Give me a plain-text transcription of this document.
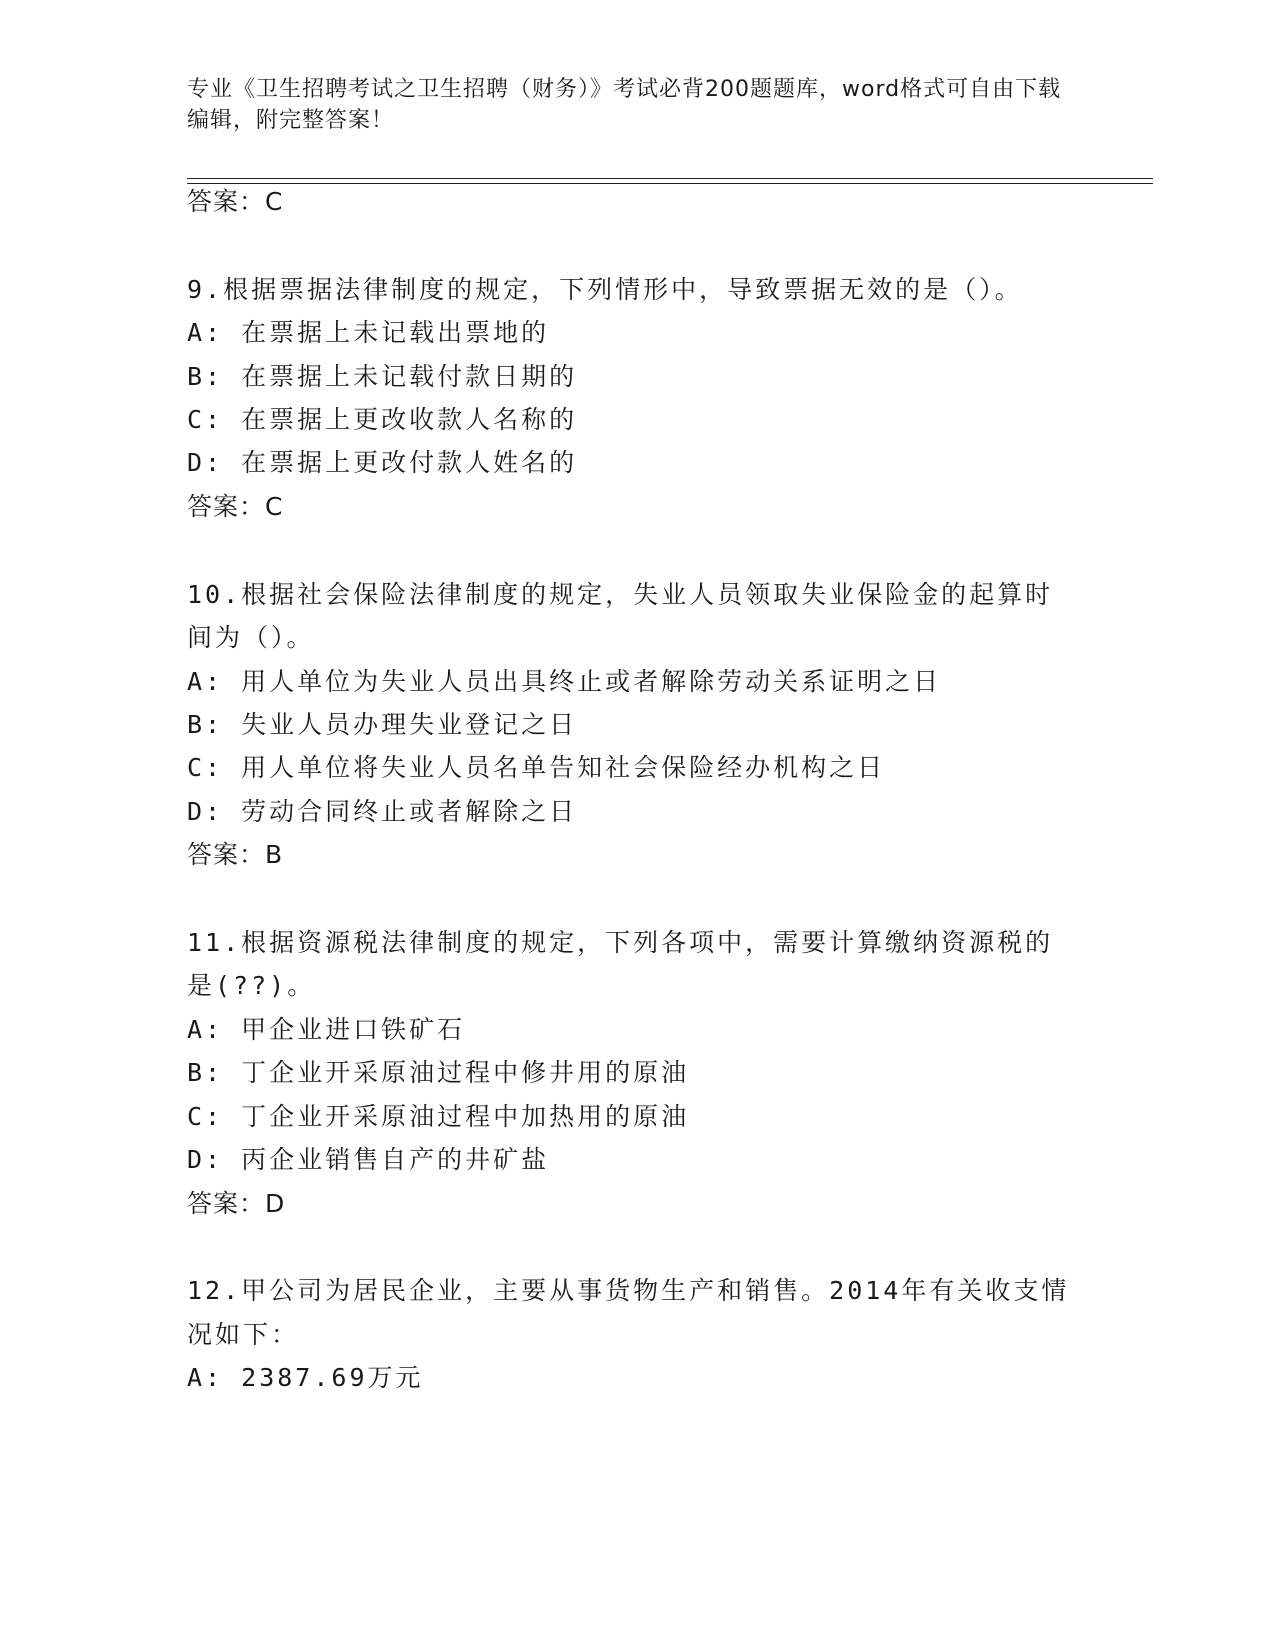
专业《卫生招聘考试之卫生招聘（财务）》考试必背200题题库，word格式可自由下载编辑，附完整答案！
答案：C
9.根据票据法律制度的规定，下列情形中，导致票据无效的是（）。
A: 在票据上未记载出票地的
B: 在票据上未记载付款日期的
C: 在票据上更改收款人名称的
D: 在票据上更改付款人姓名的
答案：C
10.根据社会保险法律制度的规定，失业人员领取失业保险金的起算时
间为（）。
A: 用人单位为失业人员出具终止或者解除劳动关系证明之日
B: 失业人员办理失业登记之日
C: 用人单位将失业人员名单告知社会保险经办机构之日
D: 劳动合同终止或者解除之日
答案：B
11.根据资源税法律制度的规定，下列各项中，需要计算缴纳资源税的
是(??)。
A: 甲企业进口铁矿石
B: 丁企业开采原油过程中修井用的原油
C: 丁企业开采原油过程中加热用的原油
D: 丙企业销售自产的井矿盐
答案：D
12.甲公司为居民企业，主要从事货物生产和销售。2014年有关收支情
况如下：
A: 2387.69万元
